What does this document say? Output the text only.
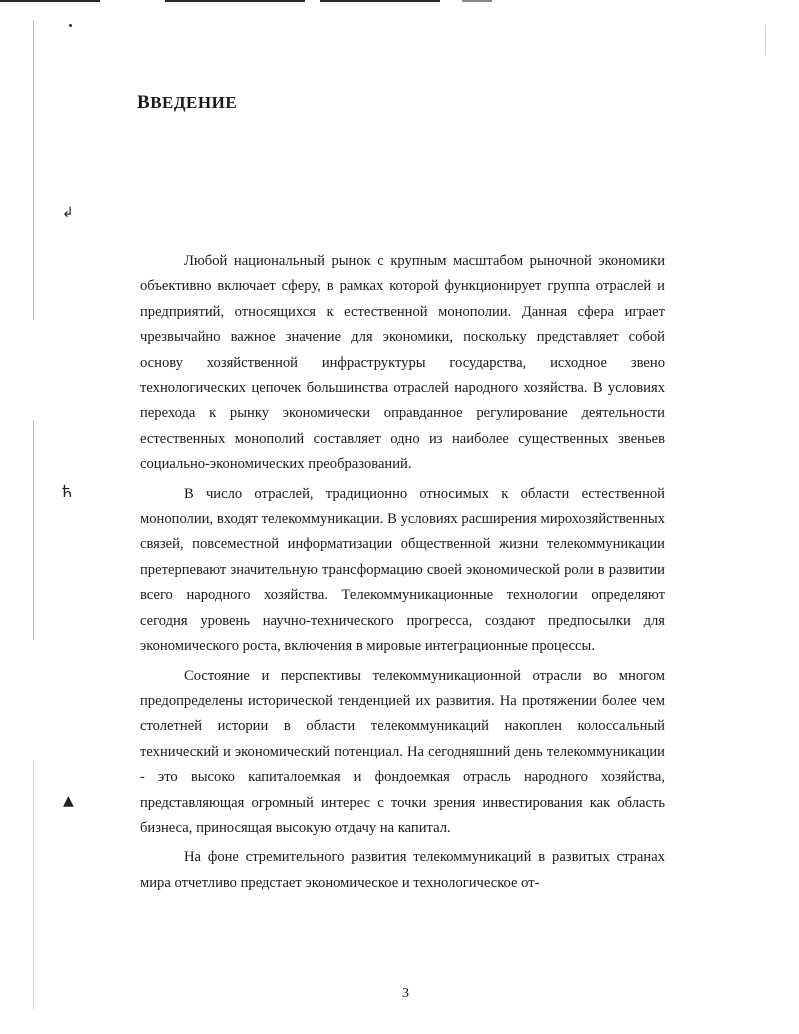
↲
ћ
▲
ВВЕДЕНИЕ

Любой национальный рынок с крупным масштабом рыночной экономики объективно включает сферу, в рамках которой функционирует группа отраслей и предприятий, относящихся к естественной монополии. Данная сфера играет чрезвычайно важное значение для экономики, поскольку представляет собой основу хозяйственной инфраструктуры государства, исходное звено технологических цепочек большинства отраслей народного хозяйства. В условиях перехода к рынку экономически оправданное регулирование деятельности естественных монополий составляет одно из наиболее существенных звеньев социально-экономических преобразований.

В число отраслей, традиционно относимых к области естественной монополии, входят телекоммуникации. В условиях расширения мирохозяйственных связей, повсеместной информатизации общественной жизни телекоммуникации претерпевают значительную трансформацию своей экономической роли в развитии всего народного хозяйства. Телекоммуникационные технологии определяют сегодня уровень научно-технического прогресса, создают предпосылки для экономического роста, включения в мировые интеграционные процессы.

Состояние и перспективы телекоммуникационной отрасли во многом предопределены исторической тенденцией их развития. На протяжении более чем столетней истории в области телекоммуникаций накоплен колоссальный технический и экономический потенциал. На сегодняшний день телекоммуникации - это высоко капиталоемкая и фондоемкая отрасль народного хозяйства, представляющая огромный интерес с точки зрения инвестирования как область бизнеса, приносящая высокую отдачу на капитал.

На фоне стремительного развития телекоммуникаций в развитых странах мира отчетливо предстает экономическое и технологическое от-

3
